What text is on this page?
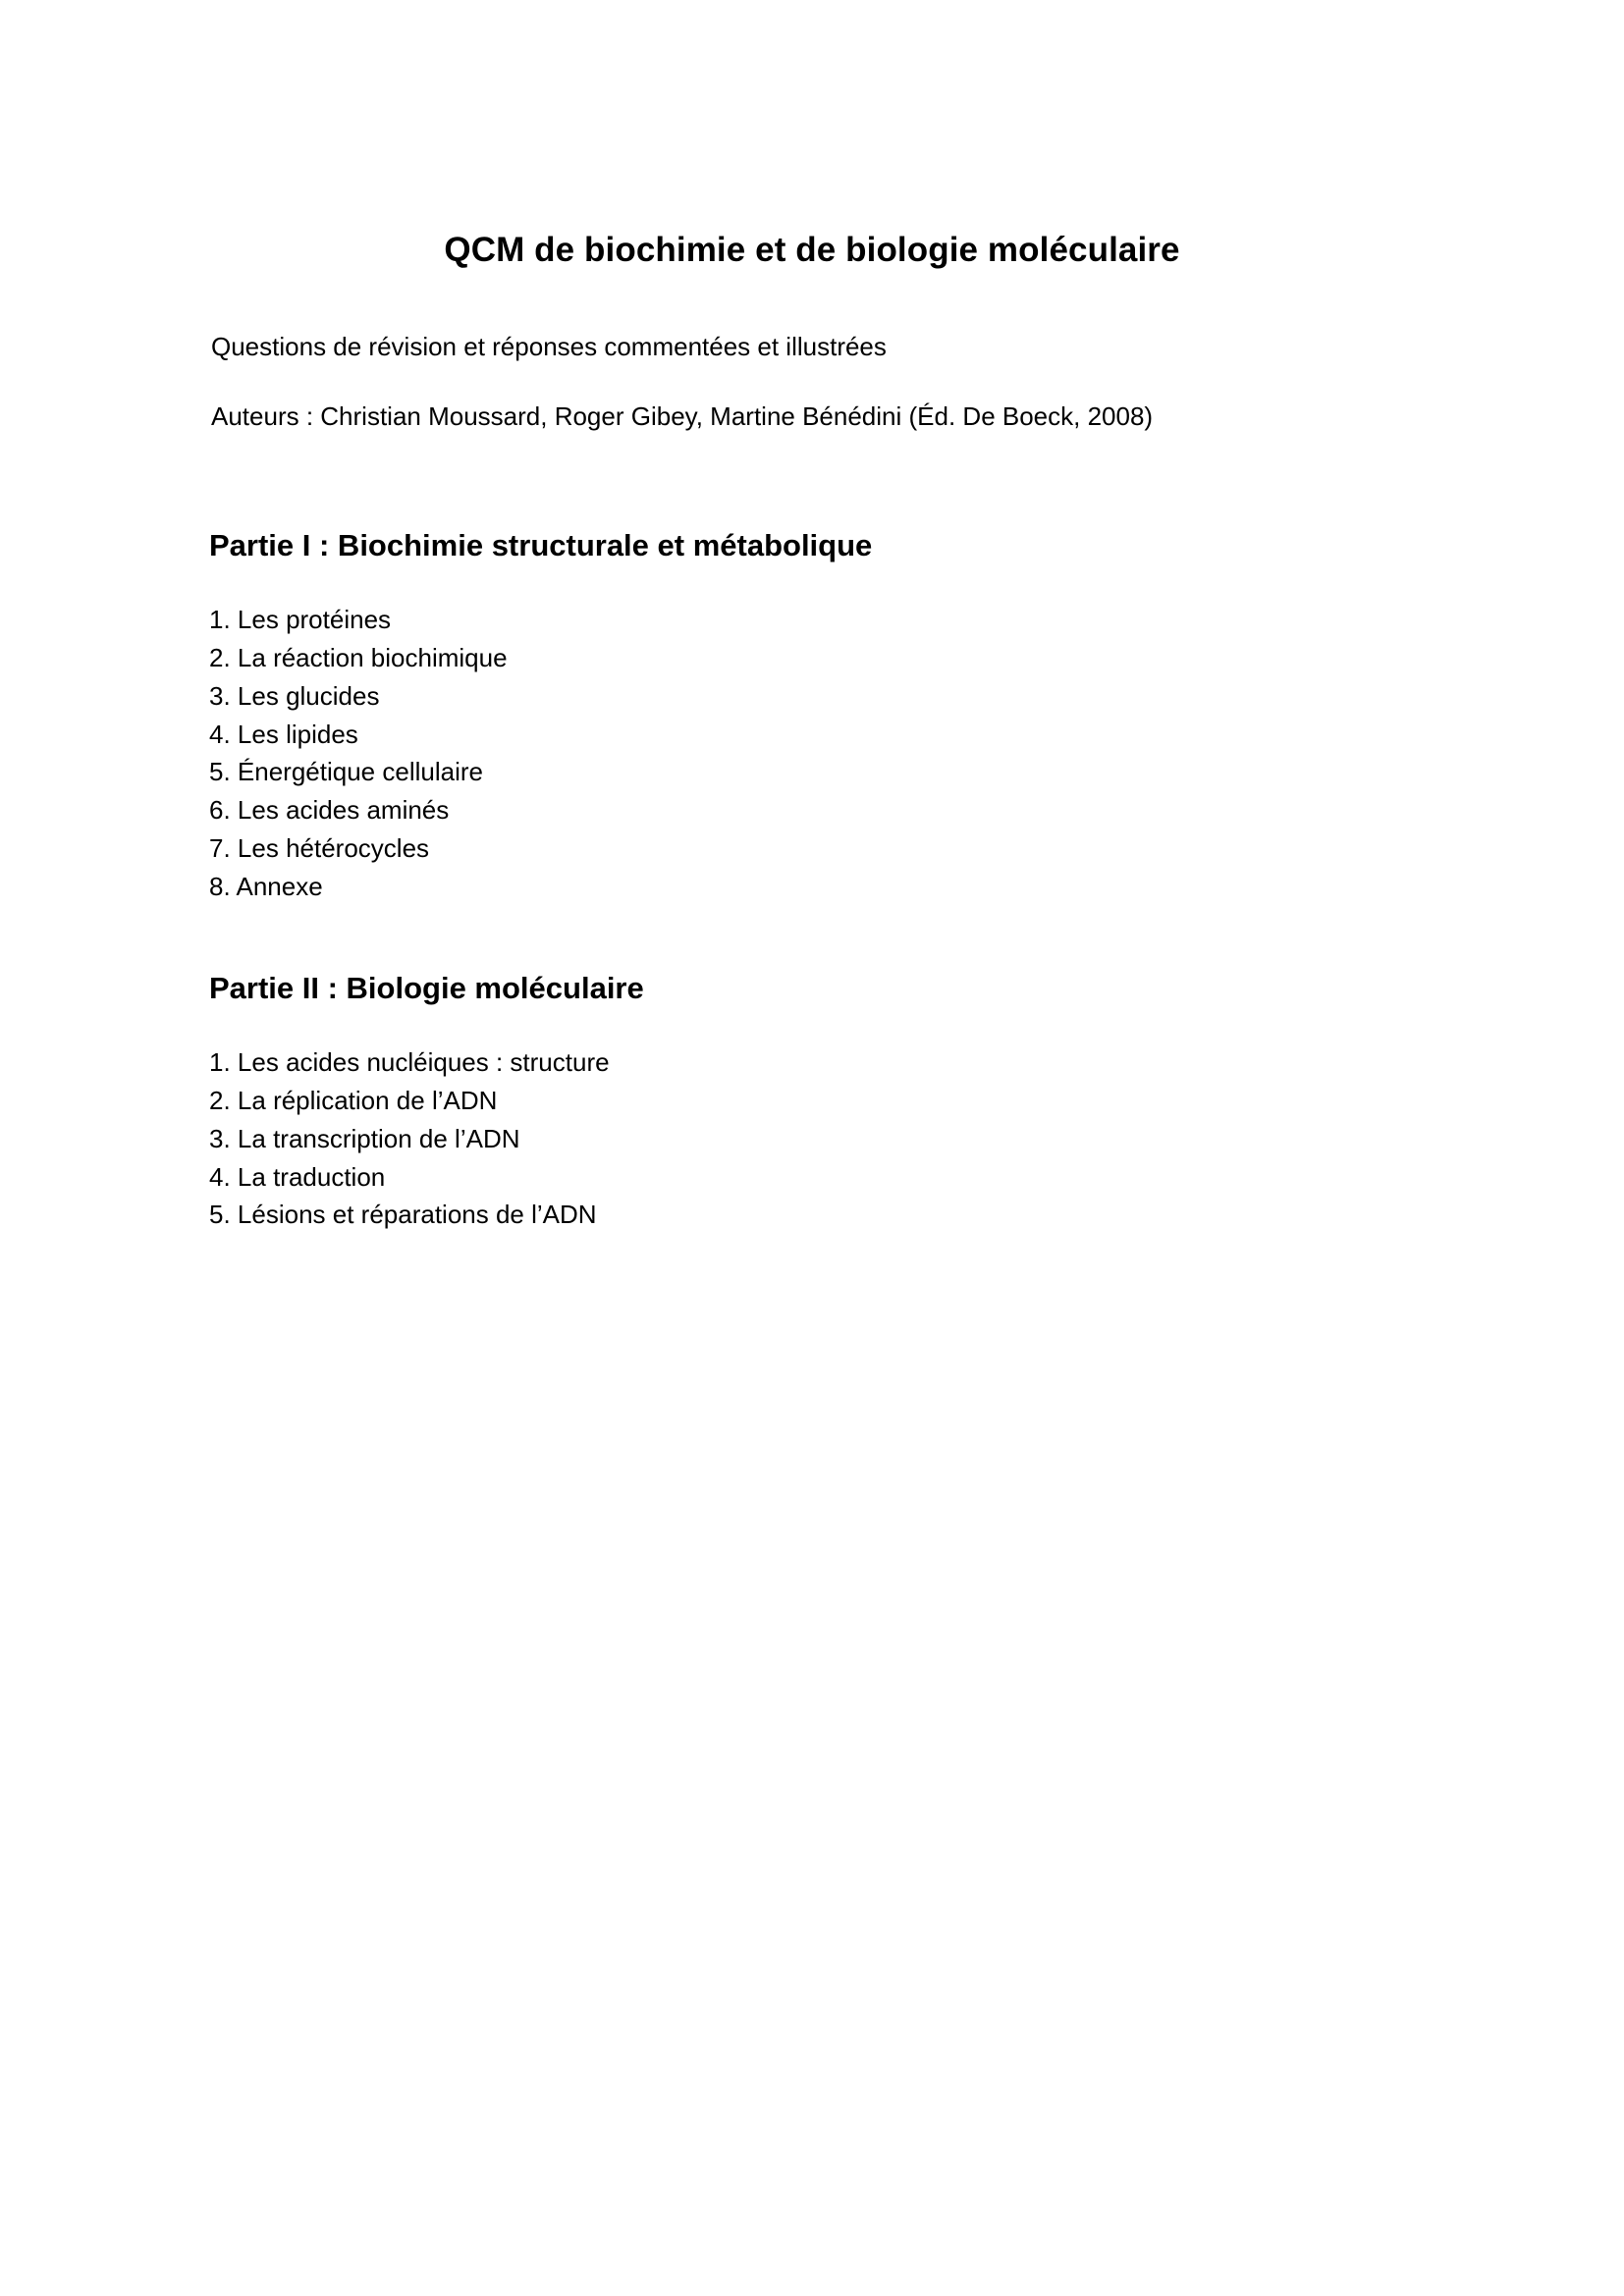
QCM de biochimie et de biologie moléculaire
Questions de révision et réponses commentées et illustrées
Auteurs : Christian Moussard, Roger Gibey, Martine Bénédini (Éd. De Boeck, 2008)
Partie I : Biochimie structurale et métabolique
1. Les protéines
2. La réaction biochimique
3. Les glucides
4. Les lipides
5. Énergétique cellulaire
6. Les acides aminés
7. Les hétérocycles
8. Annexe
Partie II : Biologie moléculaire
1. Les acides nucléiques : structure
2. La réplication de l’ADN
3. La transcription de l’ADN
4. La traduction
5. Lésions et réparations de l’ADN
